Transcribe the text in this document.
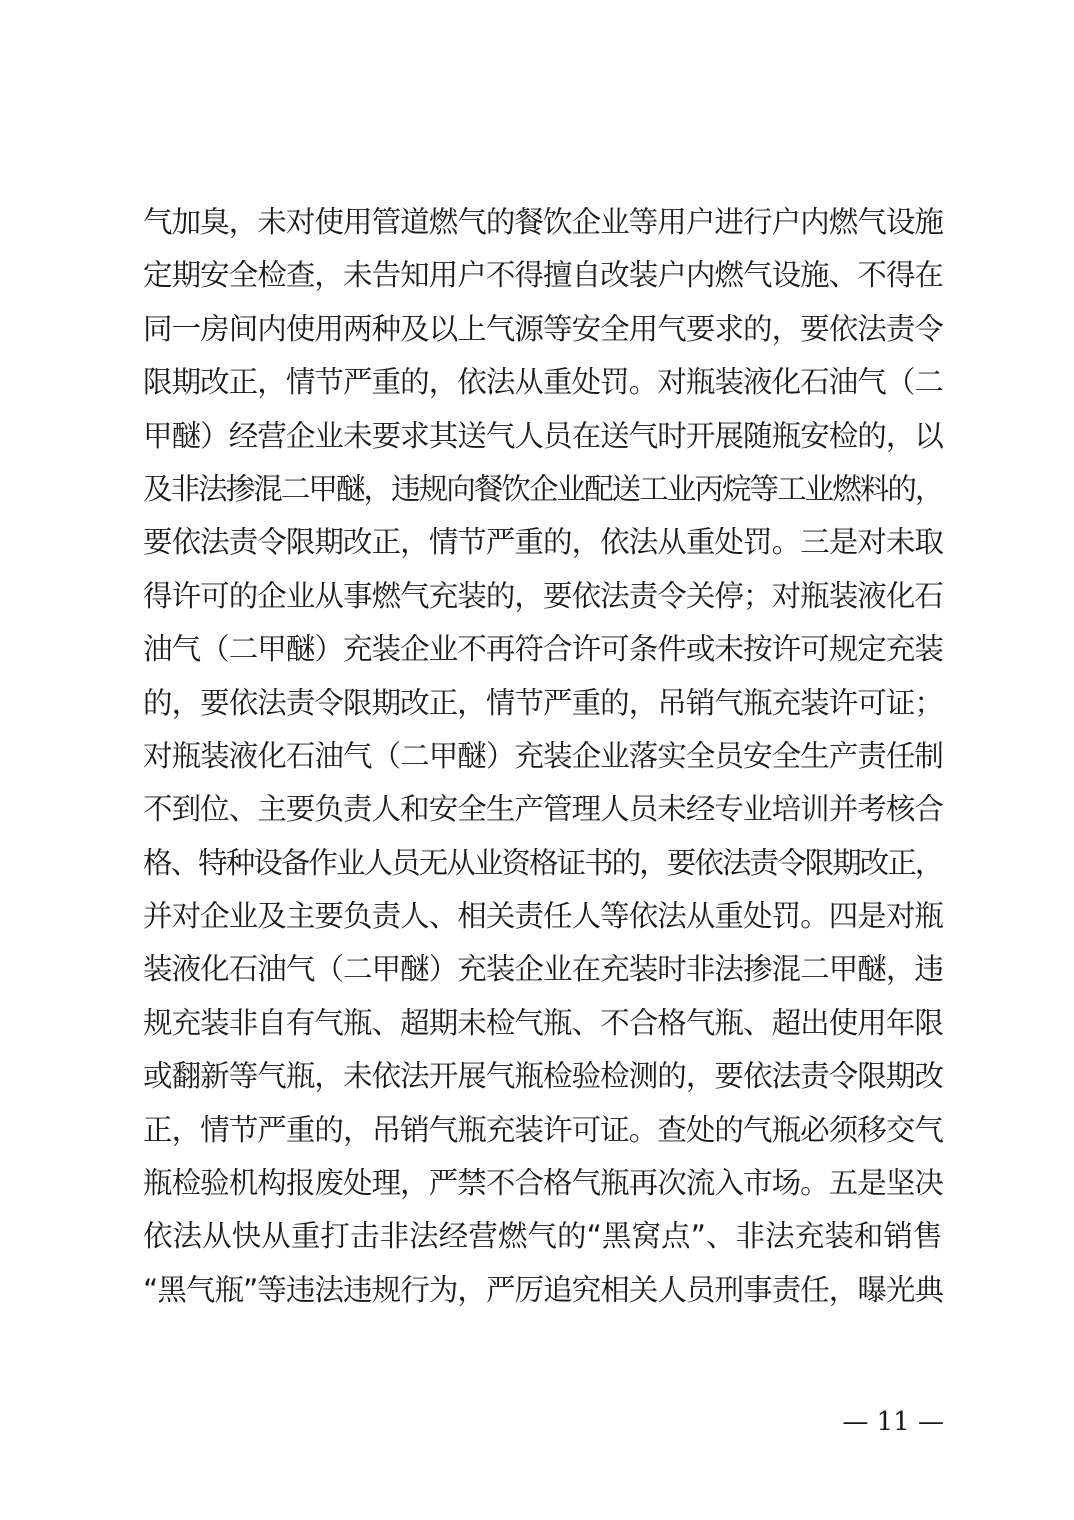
气加臭，未对使用管道燃气的餐饮企业等用户进行户内燃气设施
定期安全检查，未告知用户不得擅自改装户内燃气设施、不得在
同一房间内使用两种及以上气源等安全用气要求的，要依法责令
限期改正，情节严重的，依法从重处罚。对瓶装液化石油气（二
甲醚）经营企业未要求其送气人员在送气时开展随瓶安检的，以
及非法掺混二甲醚，违规向餐饮企业配送工业丙烷等工业燃料的，
要依法责令限期改正，情节严重的，依法从重处罚。三是对未取
得许可的企业从事燃气充装的，要依法责令关停；对瓶装液化石
油气（二甲醚）充装企业不再符合许可条件或未按许可规定充装
的，要依法责令限期改正，情节严重的，吊销气瓶充装许可证；
对瓶装液化石油气（二甲醚）充装企业落实全员安全生产责任制
不到位、主要负责人和安全生产管理人员未经专业培训并考核合
格、特种设备作业人员无从业资格证书的，要依法责令限期改正，
并对企业及主要负责人、相关责任人等依法从重处罚。四是对瓶
装液化石油气（二甲醚）充装企业在充装时非法掺混二甲醚，违
规充装非自有气瓶、超期未检气瓶、不合格气瓶、超出使用年限
或翻新等气瓶，未依法开展气瓶检验检测的，要依法责令限期改
正，情节严重的，吊销气瓶充装许可证。查处的气瓶必须移交气
瓶检验机构报废处理，严禁不合格气瓶再次流入市场。五是坚决
依法从快从重打击非法经营燃气的“黑窝点”、非法充装和销售
“黑气瓶”等违法违规行为，严厉追究相关人员刑事责任，曝光典
— 11 —
